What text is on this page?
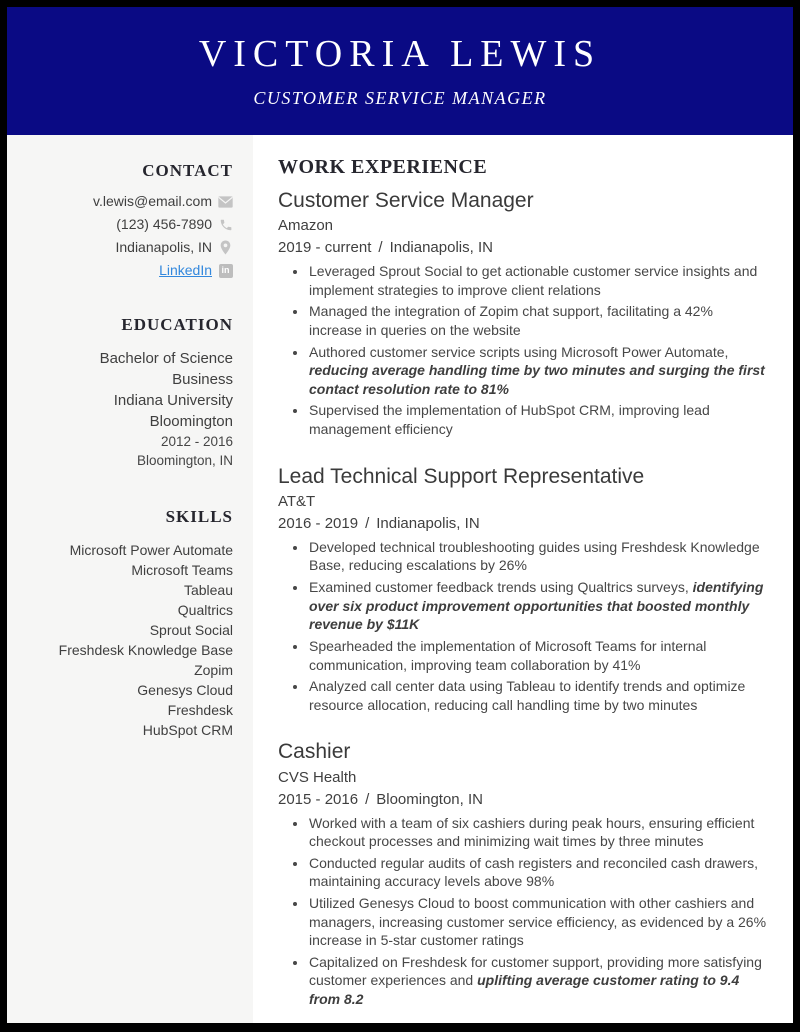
VICTORIA LEWIS
CUSTOMER SERVICE MANAGER
CONTACT
v.lewis@email.com
(123) 456-7890
Indianapolis, IN
LinkedIn	in
EDUCATION
Bachelor of Science
Business
Indiana University
Bloomington
2012 - 2016
Bloomington, IN
SKILLS
Microsoft Power Automate
Microsoft Teams
Tableau
Qualtrics
Sprout Social
Freshdesk Knowledge Base
Zopim
Genesys Cloud
Freshdesk
HubSpot CRM
WORK EXPERIENCE
Customer Service Manager
Amazon
2019 - current / Indianapolis, IN
• Leveraged Sprout Social to get actionable customer service insights and implement strategies to improve client relations
• Managed the integration of Zopim chat support, facilitating a 42% increase in queries on the website
• Authored customer service scripts using Microsoft Power Automate, reducing average handling time by two minutes and surging the first contact resolution rate to 81%
• Supervised the implementation of HubSpot CRM, improving lead management efficiency
Lead Technical Support Representative
AT&T
2016 - 2019 / Indianapolis, IN
• Developed technical troubleshooting guides using Freshdesk Knowledge Base, reducing escalations by 26%
• Examined customer feedback trends using Qualtrics surveys, identifying over six product improvement opportunities that boosted monthly revenue by $11K
• Spearheaded the implementation of Microsoft Teams for internal communication, improving team collaboration by 41%
• Analyzed call center data using Tableau to identify trends and optimize resource allocation, reducing call handling time by two minutes
Cashier
CVS Health
2015 - 2016 / Bloomington, IN
• Worked with a team of six cashiers during peak hours, ensuring efficient checkout processes and minimizing wait times by three minutes
• Conducted regular audits of cash registers and reconciled cash drawers, maintaining accuracy levels above 98%
• Utilized Genesys Cloud to boost communication with other cashiers and managers, increasing customer service efficiency, as evidenced by a 26% increase in 5-star customer ratings
• Capitalized on Freshdesk for customer support, providing more satisfying customer experiences and uplifting average customer rating to 9.4 from 8.2
